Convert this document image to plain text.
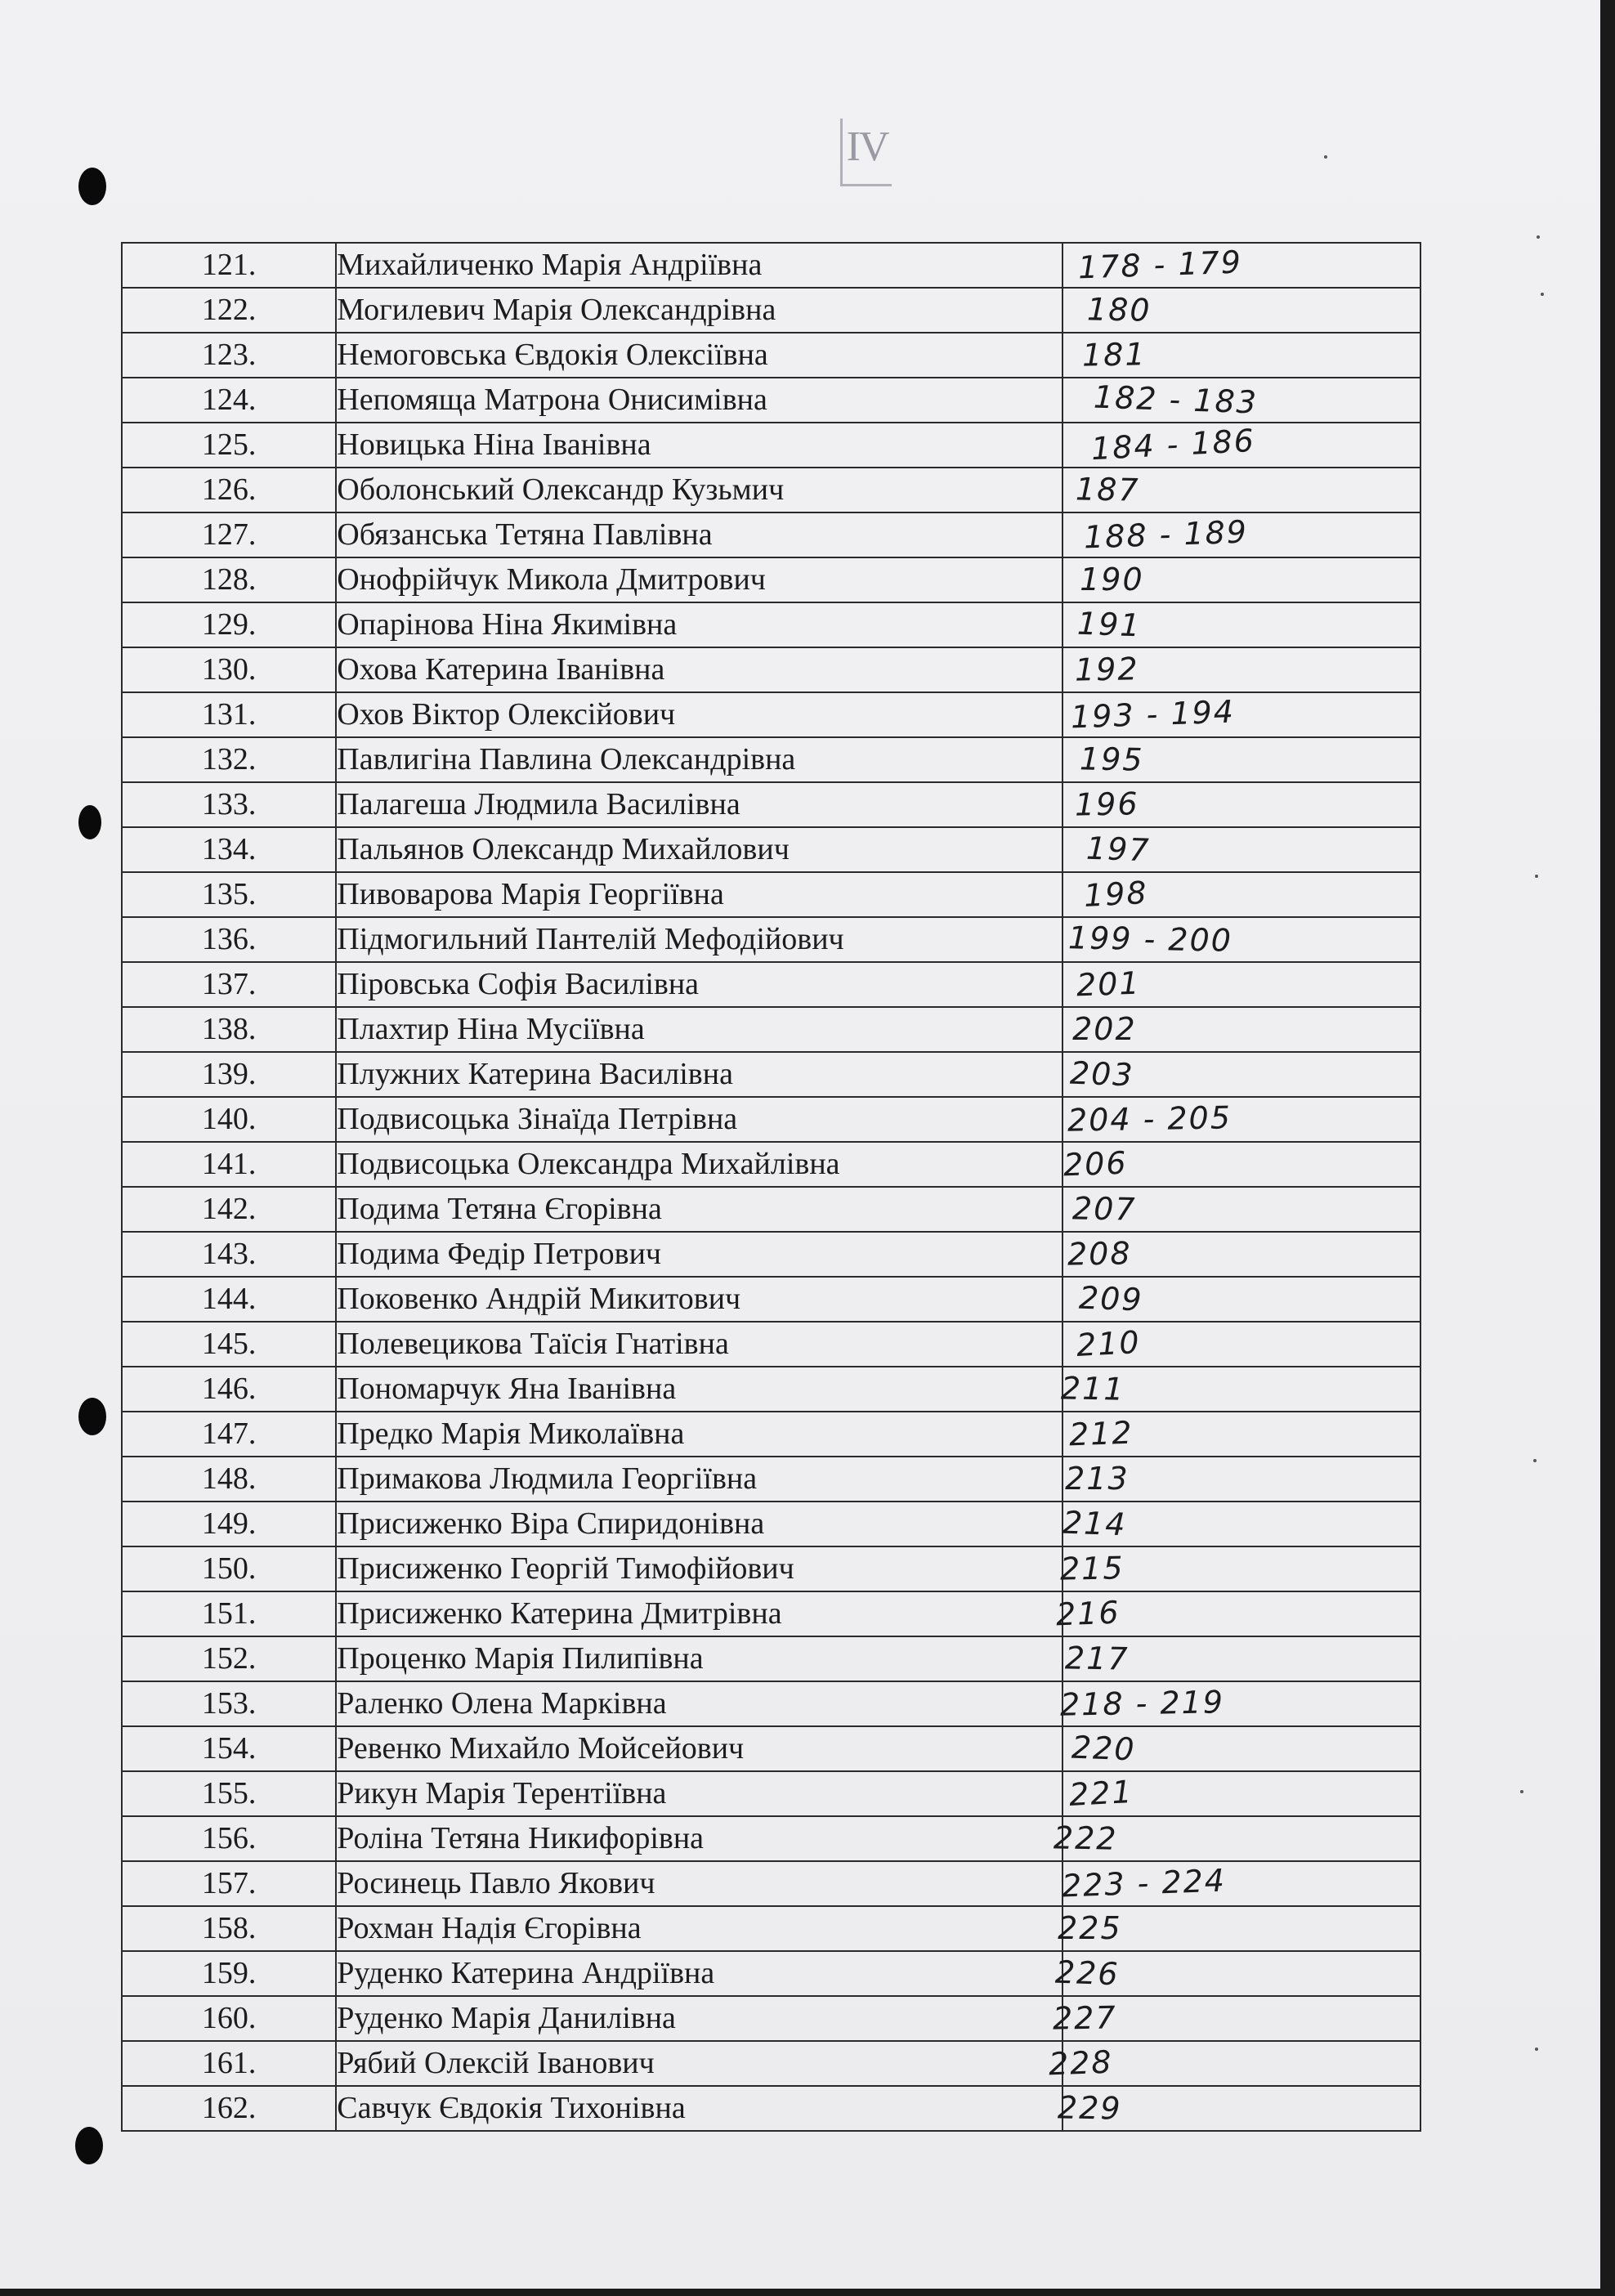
IV
121.	Михайличенко Марія Андріївна	178 - 179
122.	Могилевич Марія Олександрівна	180
123.	Немоговська Євдокія Олексіївна	181
124.	Непомяща Матрона Онисимівна	182 - 183
125.	Новицька Ніна Іванівна	184 - 186
126.	Оболонський Олександр Кузьмич	187
127.	Обязанська Тетяна Павлівна	188 - 189
128.	Онофрійчук Микола Дмитрович	190
129.	Опарінова Ніна Якимівна	191
130.	Охова Катерина Іванівна	192
131.	Охов Віктор Олексійович	193 - 194
132.	Павлигіна Павлина Олександрівна	195
133.	Палагеша Людмила Василівна	196
134.	Пальянов Олександр Михайлович	197
135.	Пивоварова Марія Георгіївна	198
136.	Підмогильний Пантелій Мефодійович	199 - 200
137.	Піровська Софія Василівна	201
138.	Плахтир Ніна Мусіївна	202
139.	Плужних Катерина Василівна	203
140.	Подвисоцька Зінаїда Петрівна	204 - 205
141.	Подвисоцька Олександра Михайлівна	206
142.	Подима Тетяна Єгорівна	207
143.	Подима Федір Петрович	208
144.	Поковенко Андрій Микитович	209
145.	Полевецикова Таїсія Гнатівна	210
146.	Пономарчук Яна Іванівна	211
147.	Предко Марія Миколаївна	212
148.	Примакова Людмила Георгіївна	213
149.	Присиженко Віра Спиридонівна	214
150.	Присиженко Георгій Тимофійович	215
151.	Присиженко Катерина Дмитрівна	216
152.	Проценко Марія Пилипівна	217
153.	Раленко Олена Марківна	218 - 219
154.	Ревенко Михайло Мойсейович	220
155.	Рикун Марія Терентіївна	221
156.	Роліна Тетяна Никифорівна	222
157.	Росинець Павло Якович	223 - 224
158.	Рохман Надія Єгорівна	225
159.	Руденко Катерина Андріївна	226
160.	Руденко Марія Данилівна	227
161.	Рябий Олексій Іванович	228
162.	Савчук Євдокія Тихонівна	229
